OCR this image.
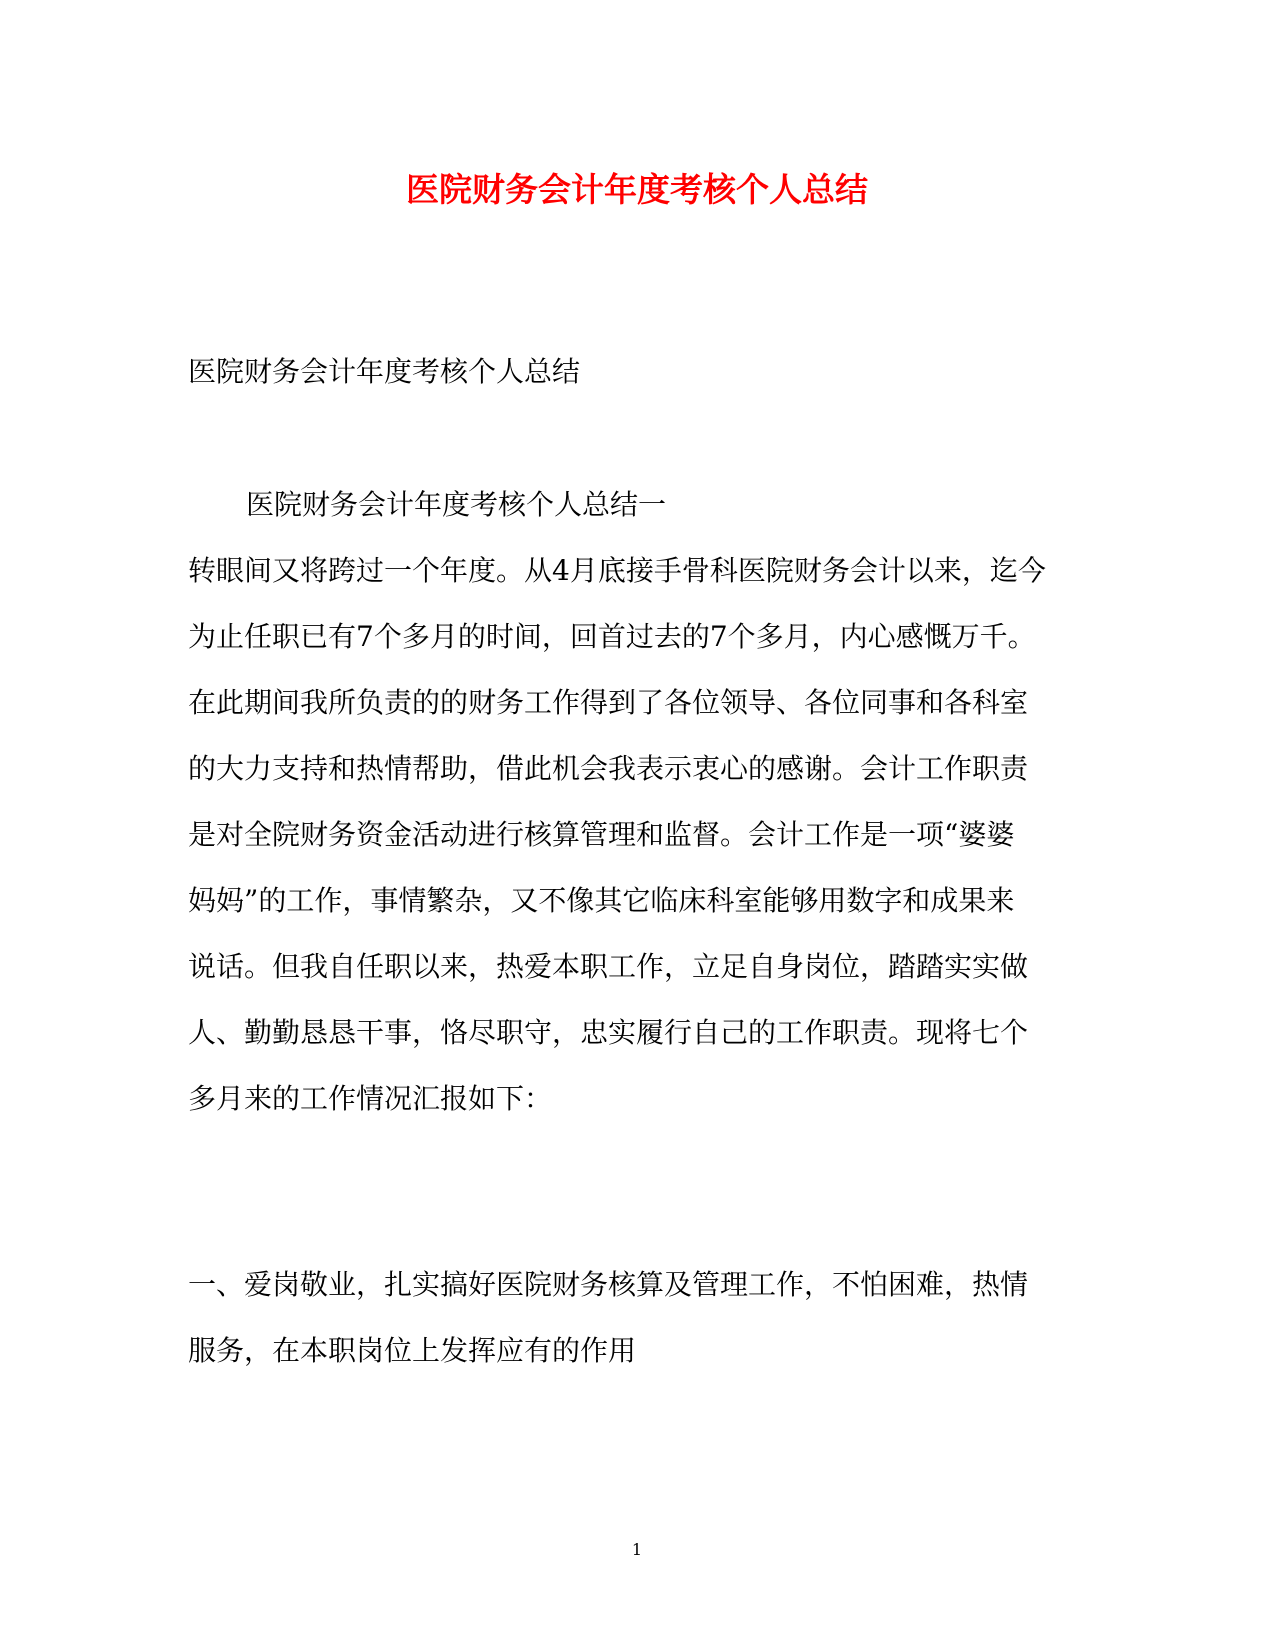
医院财务会计年度考核个人总结

医院财务会计年度考核个人总结

医院财务会计年度考核个人总结一

转眼间又将跨过一个年度。从4月底接手骨科医院财务会计以来，迄今
为止任职已有7个多月的时间，回首过去的7个多月，内心感慨万千。
在此期间我所负责的的财务工作得到了各位领导、各位同事和各科室
的大力支持和热情帮助，借此机会我表示衷心的感谢。会计工作职责
是对全院财务资金活动进行核算管理和监督。会计工作是一项“婆婆
妈妈”的工作，事情繁杂，又不像其它临床科室能够用数字和成果来
说话。但我自任职以来，热爱本职工作，立足自身岗位，踏踏实实做
人、勤勤恳恳干事，恪尽职守，忠实履行自己的工作职责。现将七个
多月来的工作情况汇报如下：
一、爱岗敬业，扎实搞好医院财务核算及管理工作，不怕困难，热情
服务，在本职岗位上发挥应有的作用
1
